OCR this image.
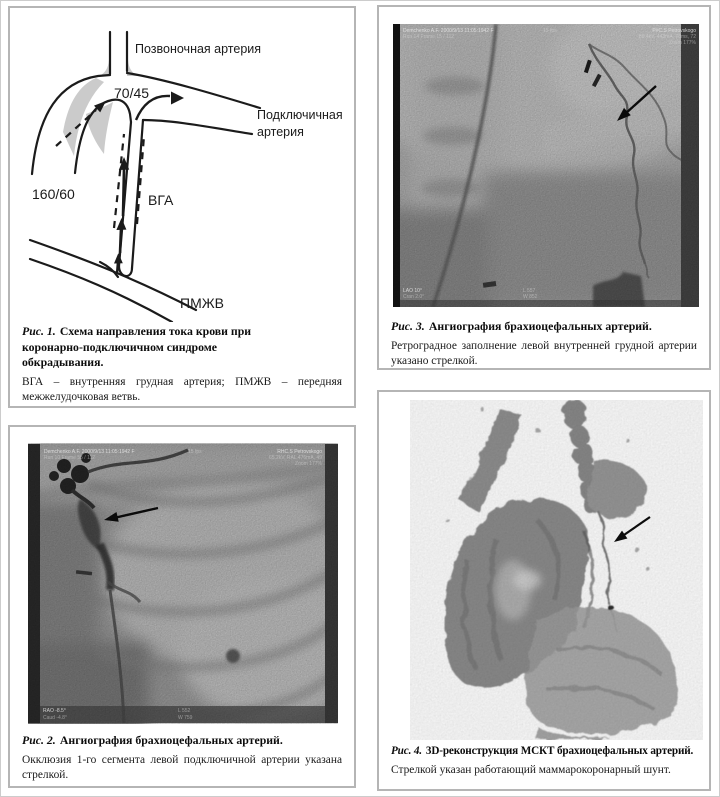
Позвоночная артерия
70/45
Подключичная
артерия
160/60	ВГА
ПМЖВ

Рис. 1. Схема направления тока крови при коронарно-подключичном синдроме обкрадывания.

ВГА – внутренняя грудная артерия; ПМЖВ – передняя межжелудочковая ветвь.

Demchenko A.F. 2000/9/13 11:05:1942 F
Run 14 Frame 15 / 112
15 fps	P#C.S Petrovskogo
89.4kV, 443mA, 78ms, 72
Zoom 177%
LAO 10°
Cran 2.0°
L 557
W 852

Рис. 3. Ангиография брахиоцефальных артерий.

Ретроградное заполнение левой внутренней грудной артерии указано стрелкой.

Demchenko A.F. 2000/9/13 11:05:1942 F
Run 10 Frame 55 / 112
15 fps	RHC.S Petrovskogo
65.2kV, RAL 476mA, 49
Zoom 177%
RAO -8.5°
Caud -4.8°
L 552
W 759

Рис. 2. Ангиография брахиоцефальных артерий.

Окклюзия 1-го сегмента левой подключичной артерии указана стрелкой.

Рис. 4. 3D-реконструкция МСКТ брахиоцефальных артерий.

Стрелкой указан работающий маммарокоронарный шунт.
